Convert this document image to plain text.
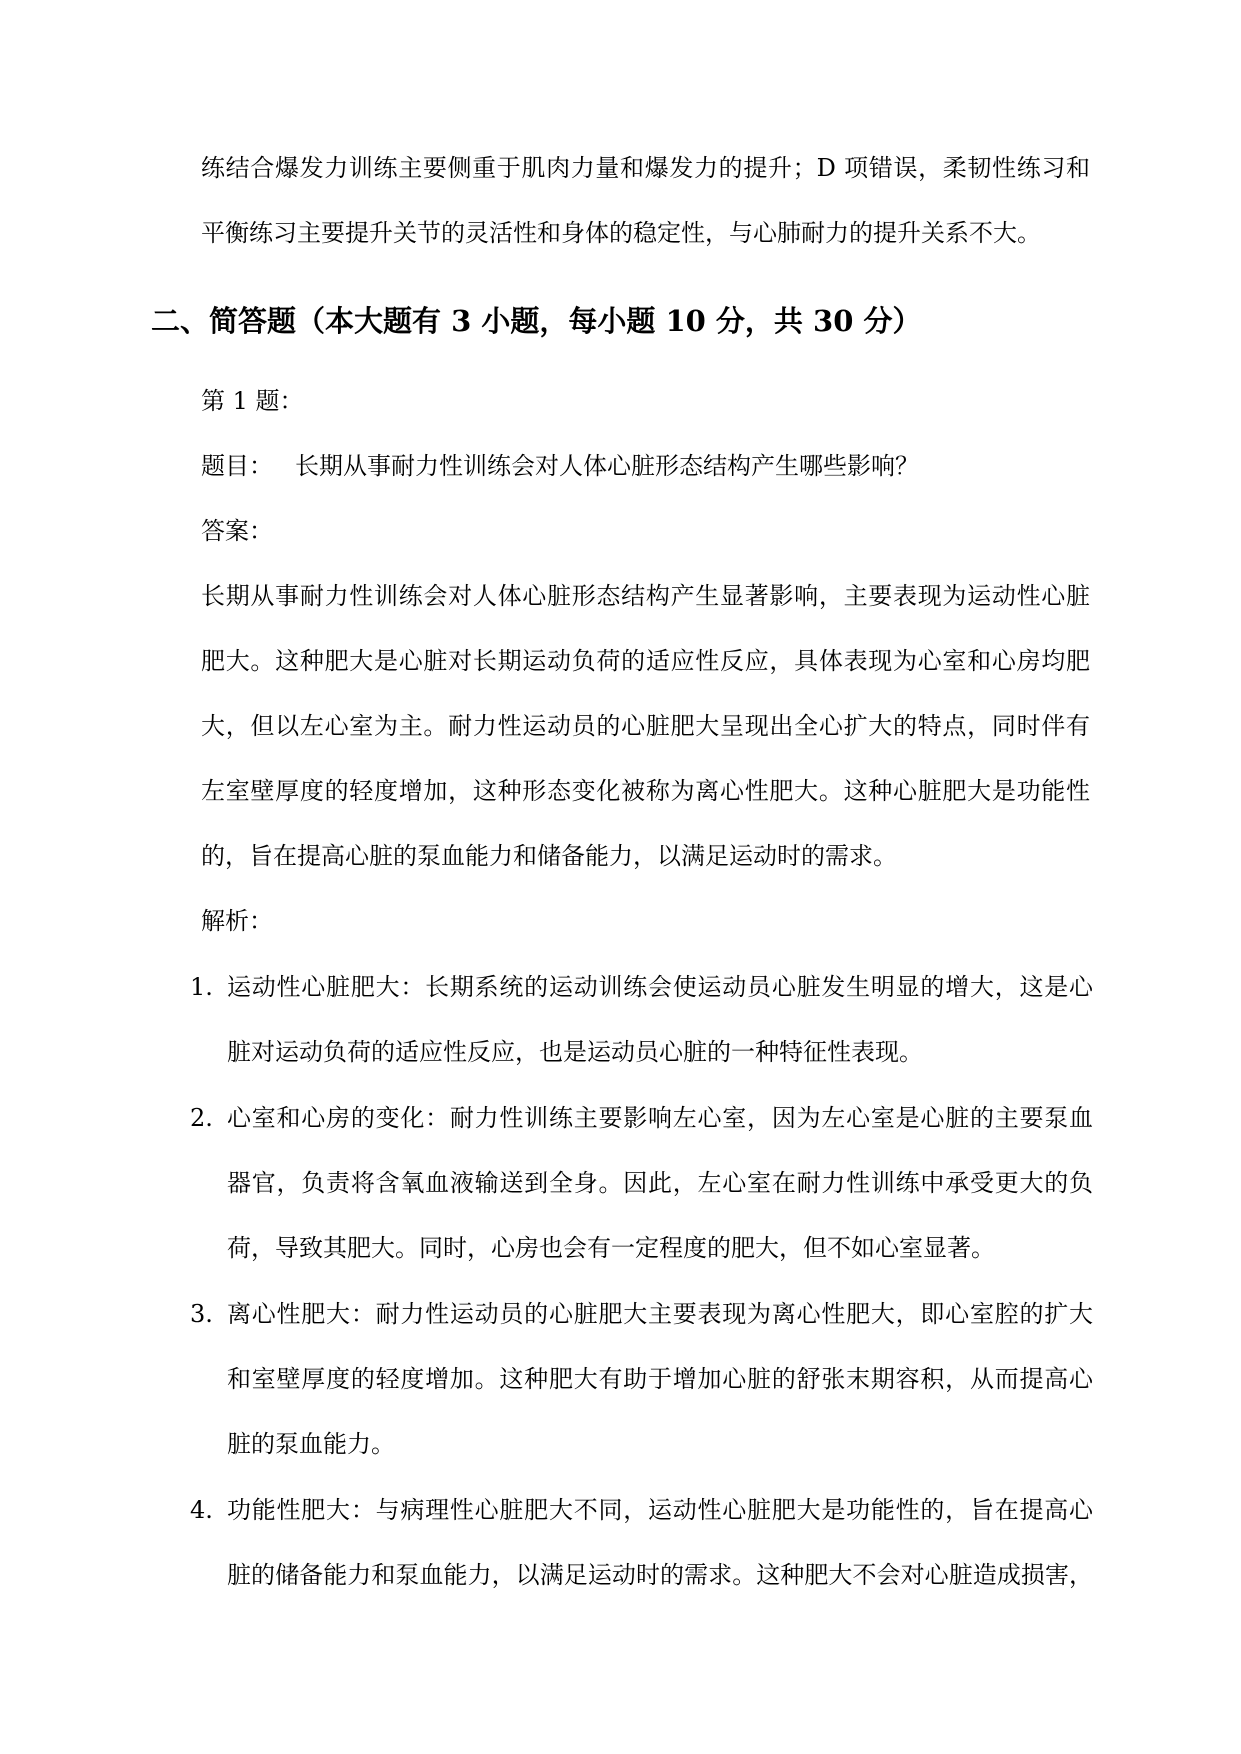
练结合爆发力训练主要侧重于肌肉力量和爆发力的提升；D 项错误，柔韧性练习和
平衡练习主要提升关节的灵活性和身体的稳定性，与心肺耐力的提升关系不大。
二、简答题（本大题有 3 小题，每小题 10 分，共 30 分）
第 1 题：
题目： 长期从事耐力性训练会对人体心脏形态结构产生哪些影响？
答案：
长期从事耐力性训练会对人体心脏形态结构产生显著影响，主要表现为运动性心脏
肥大。这种肥大是心脏对长期运动负荷的适应性反应，具体表现为心室和心房均肥
大，但以左心室为主。耐力性运动员的心脏肥大呈现出全心扩大的特点，同时伴有
左室壁厚度的轻度增加，这种形态变化被称为离心性肥大。这种心脏肥大是功能性
的，旨在提高心脏的泵血能力和储备能力，以满足运动时的需求。
解析：
1. 运动性心脏肥大：长期系统的运动训练会使运动员心脏发生明显的增大，这是心
脏对运动负荷的适应性反应，也是运动员心脏的一种特征性表现。
2. 心室和心房的变化：耐力性训练主要影响左心室，因为左心室是心脏的主要泵血
器官，负责将含氧血液输送到全身。因此，左心室在耐力性训练中承受更大的负
荷，导致其肥大。同时，心房也会有一定程度的肥大，但不如心室显著。
3. 离心性肥大：耐力性运动员的心脏肥大主要表现为离心性肥大，即心室腔的扩大
和室壁厚度的轻度增加。这种肥大有助于增加心脏的舒张末期容积，从而提高心
脏的泵血能力。
4. 功能性肥大：与病理性心脏肥大不同，运动性心脏肥大是功能性的，旨在提高心
脏的储备能力和泵血能力，以满足运动时的需求。这种肥大不会对心脏造成损害，
